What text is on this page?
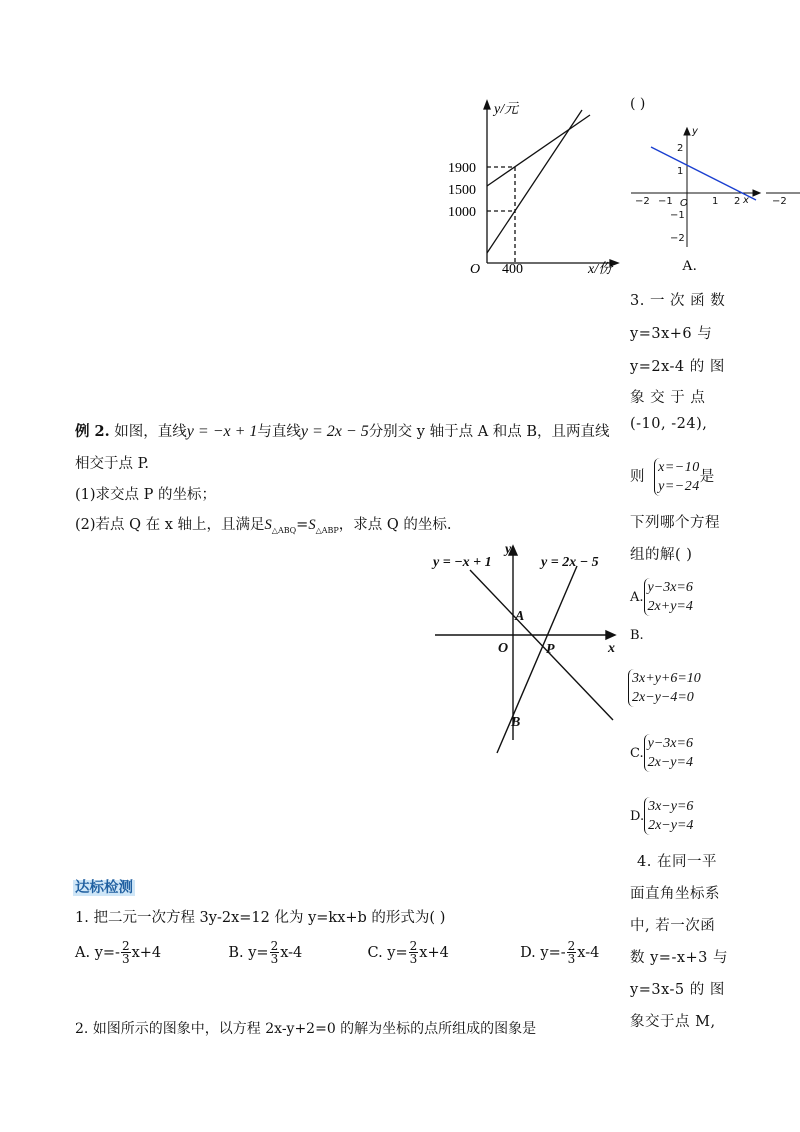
y/元
x/份
O
1900
1500
1000
400
( )
y
x
−2 −1 O 1 2
2
1
−1
−2
−2
A.
3. 一 次 函 数
y=3x+6 与
y=2x-4 的 图
象 交 于 点
(-10, -24),
则
x=−10
y=−24
是
下列哪个方程
组的解( )
A.
y−3x=6
2x+y=4
B.
3x+y+6=10
2x−y−4=0
C.
y−3x=6
2x−y=4
D.
3x−y=6
2x−y=4
4. 在同一平
面直角坐标系
中, 若一次函
数 y=-x+3 与
y=3x-5 的 图
象交于点 M,
例 2. 如图，直线y = −x + 1与直线y = 2x − 5分别交 y 轴于点 A 和点 B，且两直线
相交于点 P.
(1)求交点 P 的坐标；
(2)若点 Q 在 x 轴上，且满足$S_{\triangle ABQ}=S_{\triangle ABP}$，求点 Q 的坐标.
y = −x + 1	y = 2x − 5
y
x
O
A
B
P
达标检测
1. 把二元一次方程 3y-2x=12 化为 y=kx+b 的形式为( )
A. $y=- \frac{2}{3} x+4$	B. $y= \frac{2}{3} x-4$	C. $y= \frac{2}{3} x+4$	D. $y=- \frac{2}{3} x-4$
2. 如图所示的图象中，以方程 2x-y+2=0 的解为坐标的点所组成的图象是
